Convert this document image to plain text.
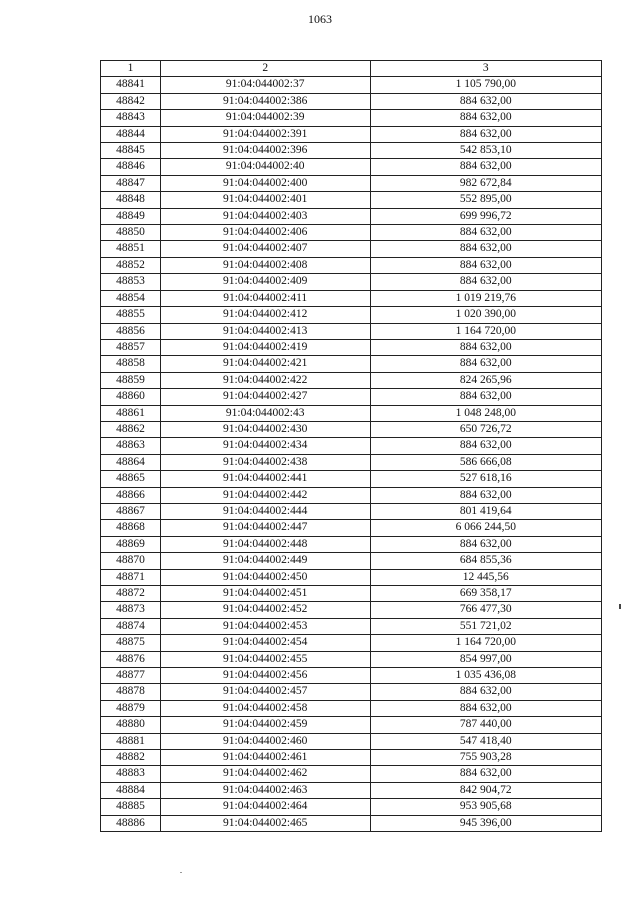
1063
1	2	3
48841	91:04:044002:37	1 105 790,00
48842	91:04:044002:386	884 632,00
48843	91:04:044002:39	884 632,00
48844	91:04:044002:391	884 632,00
48845	91:04:044002:396	542 853,10
48846	91:04:044002:40	884 632,00
48847	91:04:044002:400	982 672,84
48848	91:04:044002:401	552 895,00
48849	91:04:044002:403	699 996,72
48850	91:04:044002:406	884 632,00
48851	91:04:044002:407	884 632,00
48852	91:04:044002:408	884 632,00
48853	91:04:044002:409	884 632,00
48854	91:04:044002:411	1 019 219,76
48855	91:04:044002:412	1 020 390,00
48856	91:04:044002:413	1 164 720,00
48857	91:04:044002:419	884 632,00
48858	91:04:044002:421	884 632,00
48859	91:04:044002:422	824 265,96
48860	91:04:044002:427	884 632,00
48861	91:04:044002:43	1 048 248,00
48862	91:04:044002:430	650 726,72
48863	91:04:044002:434	884 632,00
48864	91:04:044002:438	586 666,08
48865	91:04:044002:441	527 618,16
48866	91:04:044002:442	884 632,00
48867	91:04:044002:444	801 419,64
48868	91:04:044002:447	6 066 244,50
48869	91:04:044002:448	884 632,00
48870	91:04:044002:449	684 855,36
48871	91:04:044002:450	12 445,56
48872	91:04:044002:451	669 358,17
48873	91:04:044002:452	766 477,30
48874	91:04:044002:453	551 721,02
48875	91:04:044002:454	1 164 720,00
48876	91:04:044002:455	854 997,00
48877	91:04:044002:456	1 035 436,08
48878	91:04:044002:457	884 632,00
48879	91:04:044002:458	884 632,00
48880	91:04:044002:459	787 440,00
48881	91:04:044002:460	547 418,40
48882	91:04:044002:461	755 903,28
48883	91:04:044002:462	884 632,00
48884	91:04:044002:463	842 904,72
48885	91:04:044002:464	953 905,68
48886	91:04:044002:465	945 396,00
